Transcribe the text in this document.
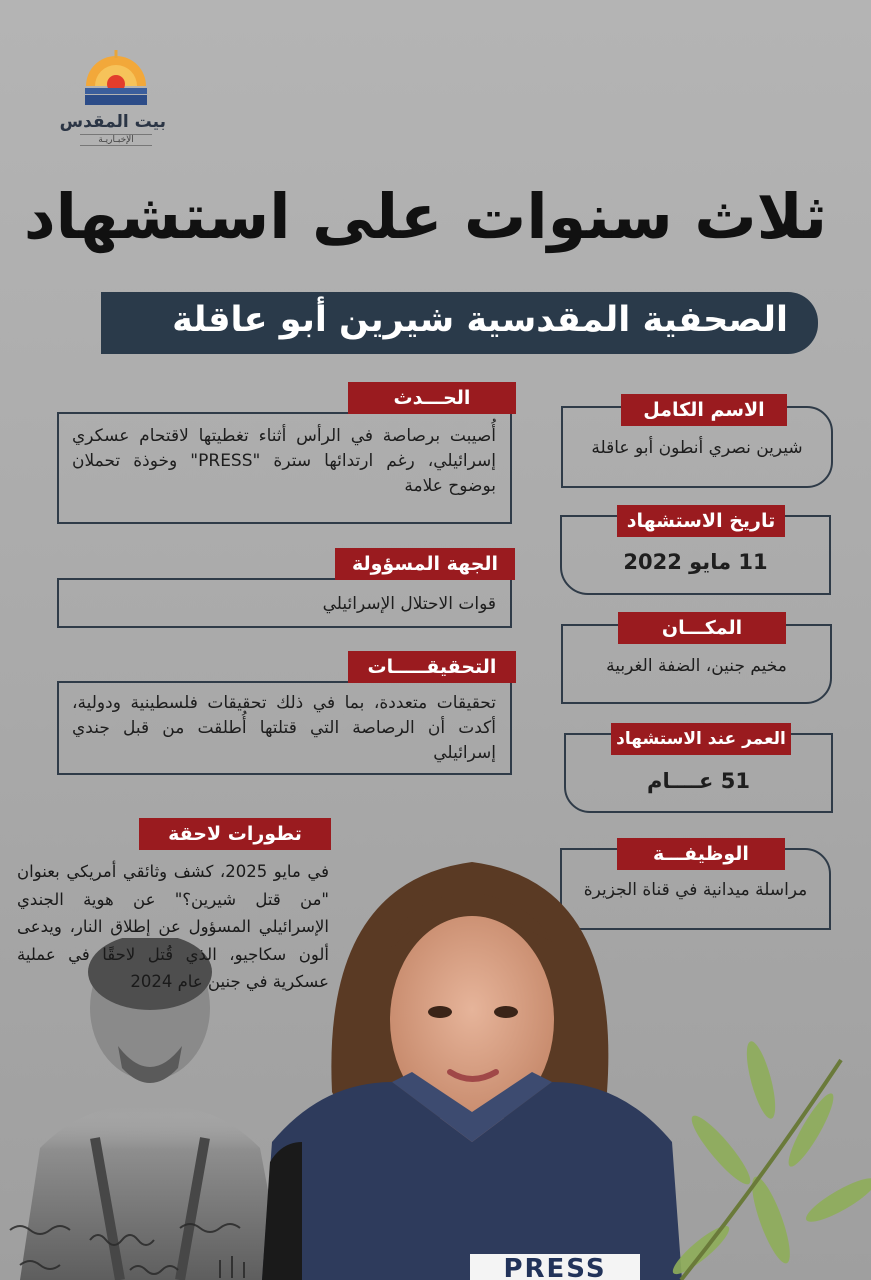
بيت المقدس
الإخبـاريـة
ثلاث سنوات على استشهاد
الصحفية المقدسية شيرين أبو عاقلة
الاسم الكامل
شيرين نصري أنطون أبو عاقلة
تاريخ الاستشهاد
11 مايو 2022
المكـــان
مخيم جنين، الضفة الغربية
العمر عند الاستشهاد
51 عــــام
الوظيفـــة
مراسلة ميدانية في قناة الجزيرة
الحـــدث
أُصيبت برصاصة في الرأس أثناء تغطيتها لاقتحام عسكري إسرائيلي، رغم ارتدائها سترة "PRESS" وخوذة تحملان بوضوح علامة
الجهة المسؤولة
قوات الاحتلال الإسرائيلي
التحقيقـــــات
تحقيقات متعددة، بما في ذلك تحقيقات فلسطينية ودولية، أكدت أن الرصاصة التي قتلتها أُطلقت من قبل جندي إسرائيلي
PRESS
تطورات لاحقة
في مايو 2025، كشف وثائقي أمريكي بعنوان "من قتل شيرين؟" عن هوية الجندي الإسرائيلي المسؤول عن إطلاق النار، ويدعى ألون سكاجيو، الذي قُتل لاحقًا في عملية عسكرية في جنين عام 2024
